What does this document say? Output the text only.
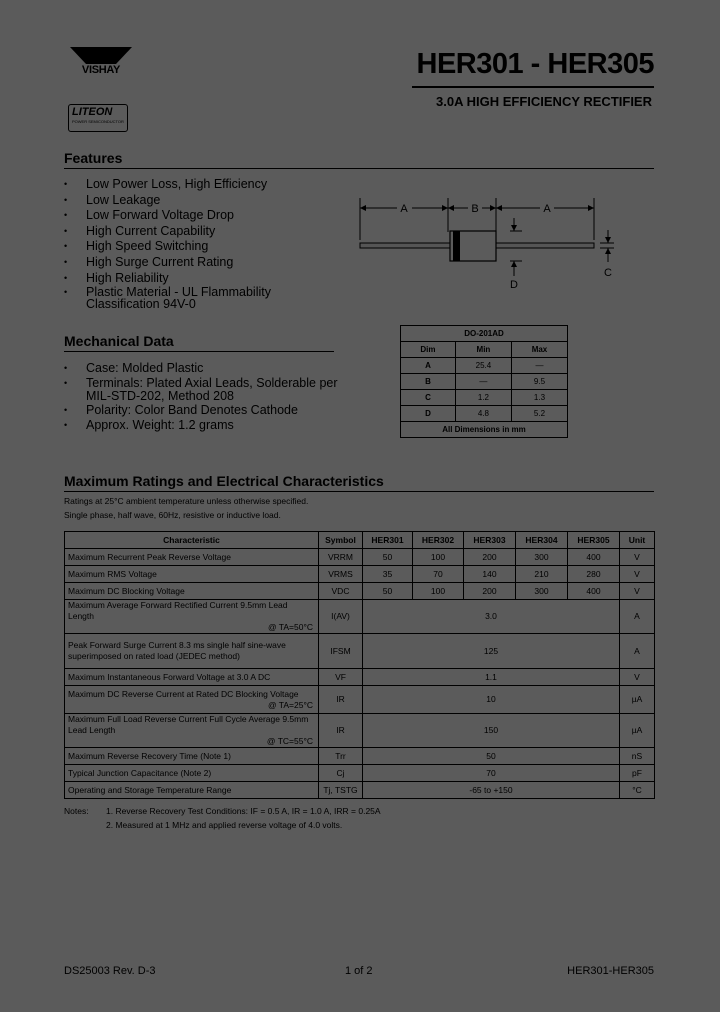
VISHAY
LITEON
POWER SEMICONDUCTOR
HER301 - HER305
3.0A HIGH EFFICIENCY RECTIFIER
Features
• Low Power Loss, High Efficiency
• Low Leakage
• Low Forward Voltage Drop
• High Current Capability
• High Speed Switching
• High Surge Current Rating
• High Reliability
• Plastic Material - UL Flammability Classification 94V-0
A	B	A
D
C
Mechanical Data
• Case: Molded Plastic
• Terminals: Plated Axial Leads, Solderable per MIL-STD-202, Method 208
• Polarity: Color Band Denotes Cathode
• Approx. Weight: 1.2 grams
DO-201AD		
Dim	Min	Max
A	25.4	—
B	—	9.5
C	1.2	1.3
D	4.8	5.2
All Dimensions in mm		
Maximum Ratings and Electrical Characteristics
Ratings at 25°C ambient temperature unless otherwise specified.
Single phase, half wave, 60Hz, resistive or inductive load.
Characteristic	Symbol	HER301	HER302	HER303	HER304	HER305	Unit
Maximum Recurrent Peak Reverse Voltage	VRRM	50	100	200	300	400	V
Maximum RMS Voltage	VRMS	35	70	140	210	280	V
Maximum DC Blocking Voltage	VDC	50	100	200	300	400	V

Maximum Average Forward Rectified Current 9.5mm Lead Length
@ TA=50°C	I(AV)	3.0					A
Peak Forward Surge Current 8.3 ms single half sine-wave superimposed on rated load (JEDEC method)	IFSM	125					A
Maximum Instantaneous Forward Voltage at 3.0 A DC	VF	1.1					V

Maximum DC Reverse Current at Rated DC Blocking Voltage
@ TA=25°C	IR	10					µA

Maximum Full Load Reverse Current Full Cycle Average 9.5mm Lead Length
@ TC=55°C	IR	150					µA
Maximum Reverse Recovery Time (Note 1)	Trr	50					nS
Typical Junction Capacitance (Note 2)	Cj	70					pF
Operating and Storage Temperature Range	Tj, TSTG	-65 to +150					°C
Notes: 1. Reverse Recovery Test Conditions: IF = 0.5 A, IR = 1.0 A, IRR = 0.25A
2. Measured at 1 MHz and applied reverse voltage of 4.0 volts.
DS25003 Rev. D-3	1 of 2	HER301-HER305
